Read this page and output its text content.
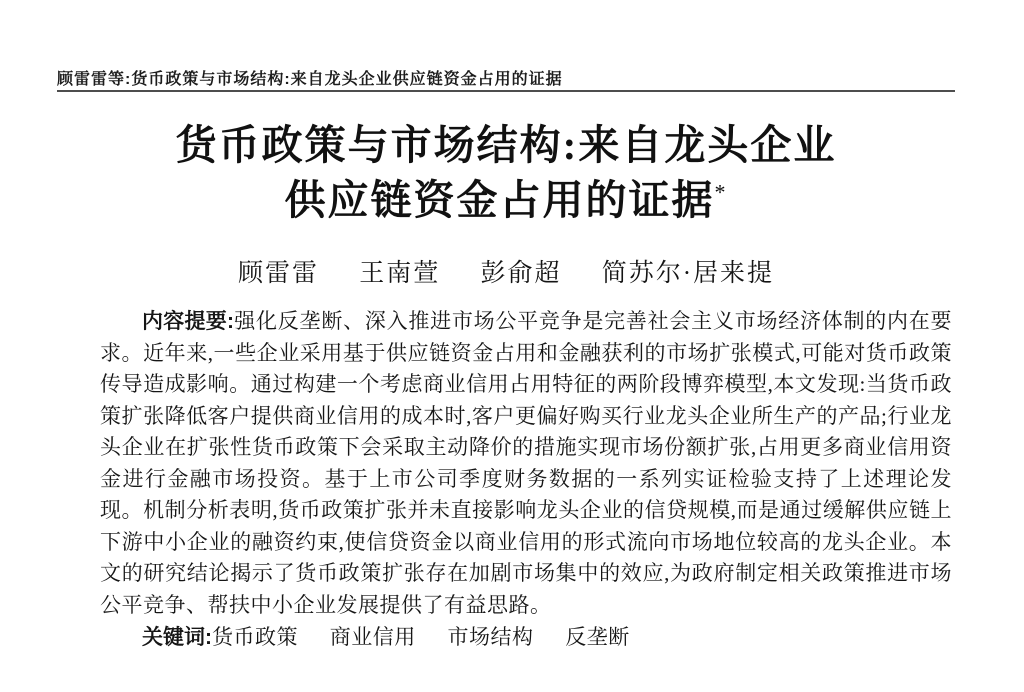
顾雷雷等:货币政策与市场结构:来自龙头企业供应链资金占用的证据
货币政策与市场结构:来自龙头企业
供应链资金占用的证据*
顾雷雷 王南萱 彭俞超 简苏尔·居来提

内容提要:强化反垄断、深入推进市场公平竞争是完善社会主义市场经济体制的内在要求。近年来,一些企业采用基于供应链资金占用和金融获利的市场扩张模式,可能对货币政策传导造成影响。通过构建一个考虑商业信用占用特征的两阶段博弈模型,本文发现:当货币政策扩张降低客户提供商业信用的成本时,客户更偏好购买行业龙头企业所生产的产品;行业龙头企业在扩张性货币政策下会采取主动降价的措施实现市场份额扩张,占用更多商业信用资金进行金融市场投资。基于上市公司季度财务数据的一系列实证检验支持了上述理论发现。机制分析表明,货币政策扩张并未直接影响龙头企业的信贷规模,而是通过缓解供应链上下游中小企业的融资约束,使信贷资金以商业信用的形式流向市场地位较高的龙头企业。本文的研究结论揭示了货币政策扩张存在加剧市场集中的效应,为政府制定相关政策推进市场公平竞争、帮扶中小企业发展提供了有益思路。

关键词:货币政策 商业信用 市场结构 反垄断
